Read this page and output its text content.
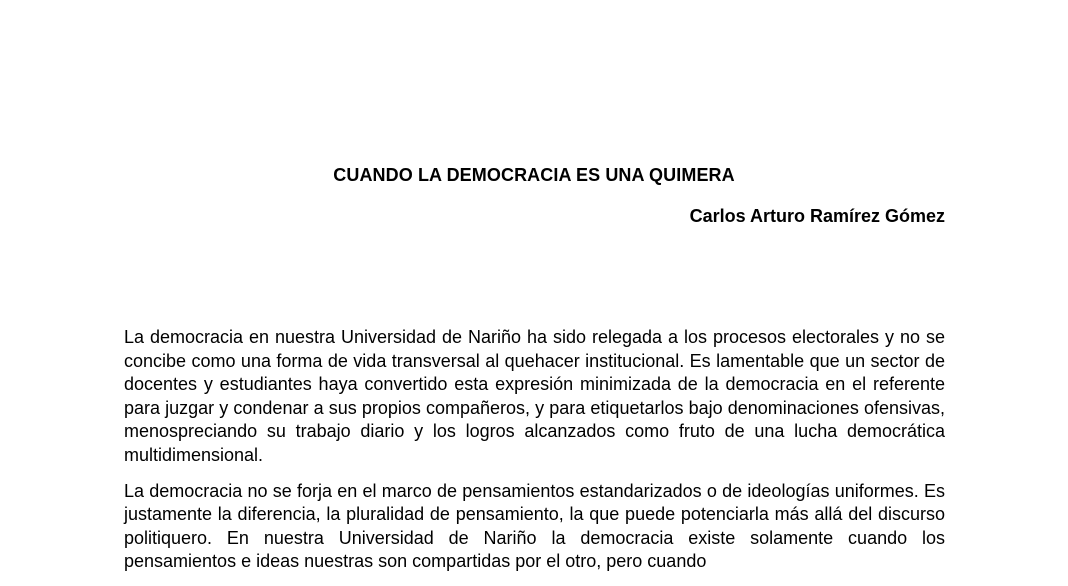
CUANDO LA DEMOCRACIA ES UNA QUIMERA
Carlos Arturo Ramírez Gómez

La democracia en nuestra Universidad de Nariño ha sido relegada a los procesos electorales y no se concibe como una forma de vida transversal al quehacer institucional. Es lamentable que un sector de docentes y estudiantes haya convertido esta expresión minimizada de la democracia en el referente para juzgar y condenar a sus propios compañeros, y para etiquetarlos bajo denominaciones ofensivas, menospreciando su trabajo diario y los logros alcanzados como fruto de una lucha democrática multidimensional.

La democracia no se forja en el marco de pensamientos estandarizados o de ideologías uniformes. Es justamente la diferencia, la pluralidad de pensamiento, la que puede potenciarla más allá del discurso politiquero. En nuestra Universidad de Nariño la democracia existe solamente cuando los pensamientos e ideas nuestras son compartidas por el otro, pero cuando
